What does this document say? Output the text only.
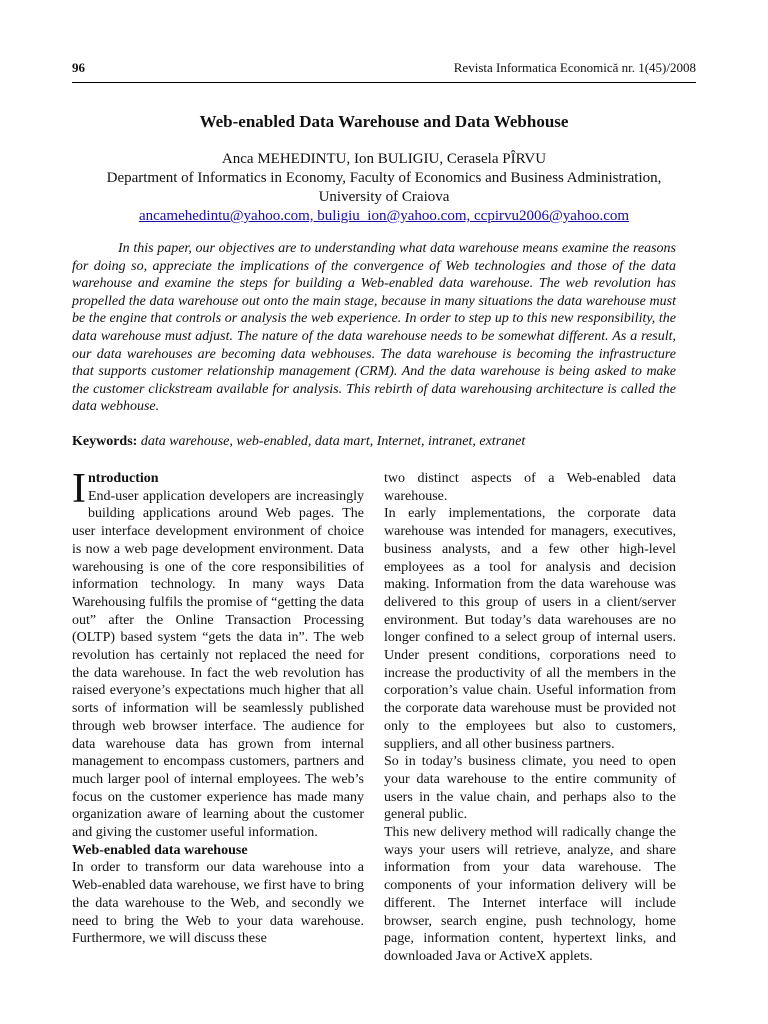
96	Revista Informatica Economică nr. 1(45)/2008
Web-enabled Data Warehouse and Data Webhouse
Anca MEHEDINTU, Ion BULIGIU, Cerasela PÎRVU
Department of Informatics in Economy, Faculty of Economics and Business Administration,
University of Craiova
ancamehedintu@yahoo.com, buligiu_ion@yahoo.com, ccpirvu2006@yahoo.com
In this paper, our objectives are to understanding what data warehouse means examine the reasons for doing so, appreciate the implications of the convergence of Web technologies and those of the data warehouse and examine the steps for building a Web-enabled data warehouse. The web revolution has propelled the data warehouse out onto the main stage, because in many situations the data warehouse must be the engine that controls or analysis the web experience. In order to step up to this new responsibility, the data warehouse must adjust. The nature of the data warehouse needs to be somewhat different. As a result, our data warehouses are becoming data webhouses. The data warehouse is becoming the infrastructure that supports customer relationship management (CRM). And the data warehouse is being asked to make the customer clickstream available for analysis. This rebirth of data warehousing architecture is called the data webhouse.
Keywords: data warehouse, web-enabled, data mart, Internet, intranet, extranet
I ntroduction
End-user application developers are increasingly building applications around Web pages. The user interface development environment of choice is now a web page development environment. Data warehousing is one of the core responsibilities of information technology. In many ways Data Warehousing fulfils the promise of “getting the data out” after the Online Transaction Processing (OLTP) based system “gets the data in”. The web revolution has certainly not replaced the need for the data warehouse. In fact the web revolution has raised everyone’s expectations much higher that all sorts of information will be seamlessly published through web browser interface. The audience for data warehouse data has grown from internal management to encompass customers, partners and much larger pool of internal employees. The web’s focus on the customer experience has made many organization aware of learning about the customer and giving the customer useful information.

Web-enabled data warehouse

In order to transform our data warehouse into a Web-enabled data warehouse, we first have to bring the data warehouse to the Web, and secondly we need to bring the Web to your data warehouse. Furthermore, we will discuss these

two distinct aspects of a Web-enabled data warehouse.

In early implementations, the corporate data warehouse was intended for managers, executives, business analysts, and a few other high-level employees as a tool for analysis and decision making. Information from the data warehouse was delivered to this group of users in a client/server environment. But today’s data warehouses are no longer confined to a select group of internal users. Under present conditions, corporations need to increase the productivity of all the members in the corporation’s value chain. Useful information from the corporate data warehouse must be provided not only to the employees but also to customers, suppliers, and all other business partners.

So in today’s business climate, you need to open your data warehouse to the entire community of users in the value chain, and perhaps also to the general public.

This new delivery method will radically change the ways your users will retrieve, analyze, and share information from your data warehouse. The components of your information delivery will be different. The Internet interface will include browser, search engine, push technology, home page, information content, hypertext links, and downloaded Java or ActiveX applets.
